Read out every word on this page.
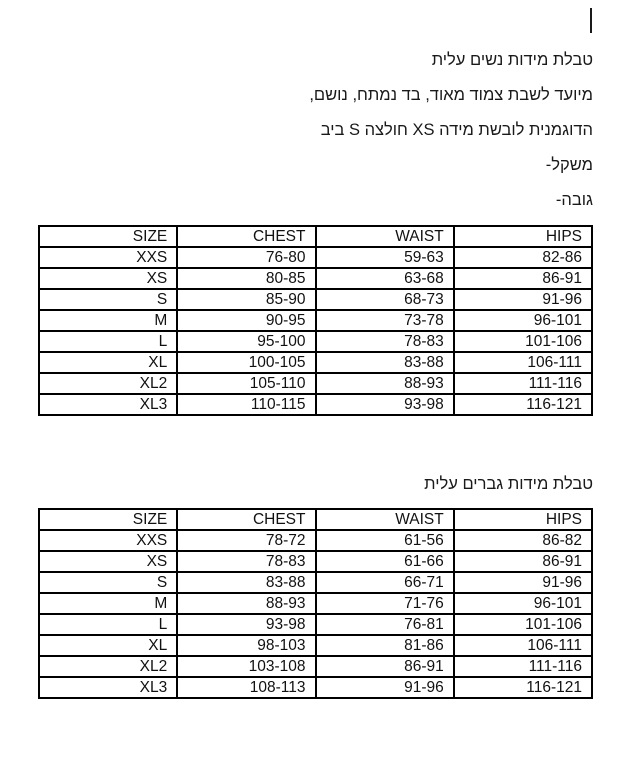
טבלת מידות נשים עלית

מיועד לשבת צמוד מאוד, בד נמתח, נושם,

הדוגמנית לובשת מידה XS חולצה S ביב

משקל-

גובה-

SIZE	CHEST	WAIST	HIPS
XXS	76-80	59-63	82-86
XS	80-85	63-68	86-91
S	85-90	68-73	91-96
M	90-95	73-78	96-101
L	95-100	78-83	101-106
XL	100-105	83-88	106-111
XL2	105-110	88-93	111-116
XL3	110-115	93-98	116-121
טבלת מידות גברים עלית
SIZE	CHEST	WAIST	HIPS
XXS	78-72	61-56	86-82
XS	78-83	61-66	86-91
S	83-88	66-71	91-96
M	88-93	71-76	96-101
L	93-98	76-81	101-106
XL	98-103	81-86	106-111
XL2	103-108	86-91	111-116
XL3	108-113	91-96	116-121
